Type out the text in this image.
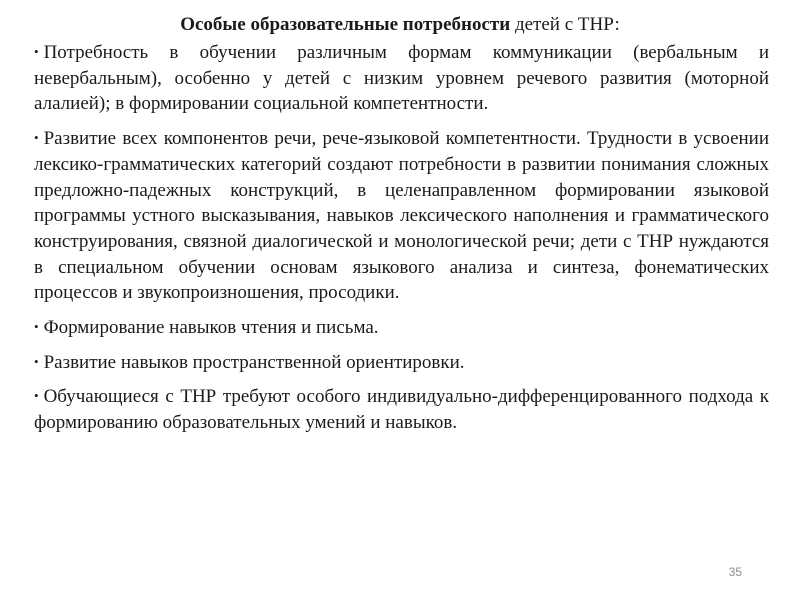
Особые образовательные потребности детей с ТНР:
• Потребность в обучении различным формам коммуникации (вербальным и невербальным), особенно у детей с низким уровнем речевого развития (моторной алалией); в формировании социальной компетентности.
• Развитие всех компонентов речи, рече-языковой компетентности. Трудности в усвоении лексико-грамматических категорий создают потребности в развитии понимания сложных предложно-падежных конструкций, в целенаправленном формировании языковой программы устного высказывания, навыков лексического наполнения и грамматического конструирования, связной диалогической и монологической речи; дети с ТНР нуждаются в специальном обучении основам языкового анализа и синтеза, фонематических процессов и звукопроизношения, просодики.
• Формирование навыков чтения и письма.
• Развитие навыков пространственной ориентировки.
• Обучающиеся с ТНР требуют особого индивидуально-дифференцированного подхода к формированию образовательных умений и навыков.
35
